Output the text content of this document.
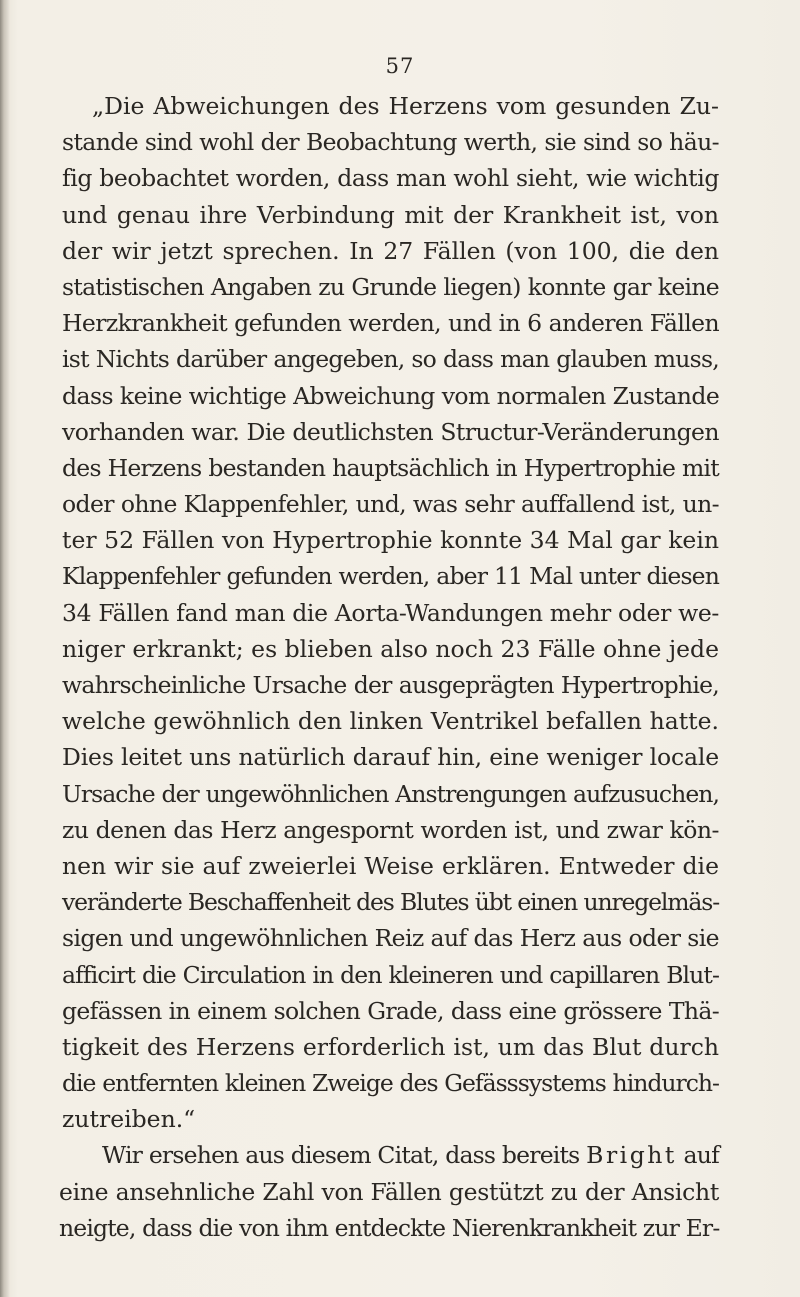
57
„Die Abweichungen des Herzens vom gesunden Zu-
stande sind wohl der Beobachtung werth, sie sind so häu-
fig beobachtet worden, dass man wohl sieht, wie wichtig
und genau ihre Verbindung mit der Krankheit ist, von
der wir jetzt sprechen. In 27 Fällen (von 100, die den
statistischen Angaben zu Grunde liegen) konnte gar keine
Herzkrankheit gefunden werden, und in 6 anderen Fällen
ist Nichts darüber angegeben, so dass man glauben muss,
dass keine wichtige Abweichung vom normalen Zustande
vorhanden war. Die deutlichsten Structur-Veränderungen
des Herzens bestanden hauptsächlich in Hypertrophie mit
oder ohne Klappenfehler, und, was sehr auffallend ist, un-
ter 52 Fällen von Hypertrophie konnte 34 Mal gar kein
Klappenfehler gefunden werden, aber 11 Mal unter diesen
34 Fällen fand man die Aorta-Wandungen mehr oder we-
niger erkrankt; es blieben also noch 23 Fälle ohne jede
wahrscheinliche Ursache der ausgeprägten Hypertrophie,
welche gewöhnlich den linken Ventrikel befallen hatte.
Dies leitet uns natürlich darauf hin, eine weniger locale
Ursache der ungewöhnlichen Anstrengungen aufzusuchen,
zu denen das Herz angespornt worden ist, und zwar kön-
nen wir sie auf zweierlei Weise erklären. Entweder die
veränderte Beschaffenheit des Blutes übt einen unregelmäs-
sigen und ungewöhnlichen Reiz auf das Herz aus oder sie
afficirt die Circulation in den kleineren und capillaren Blut-
gefässen in einem solchen Grade, dass eine grössere Thä-
tigkeit des Herzens erforderlich ist, um das Blut durch
die entfernten kleinen Zweige des Gefässsystems hindurch-
zutreiben.“
Wir ersehen aus diesem Citat, dass bereits Bright auf
eine ansehnliche Zahl von Fällen gestützt zu der Ansicht
neigte, dass die von ihm entdeckte Nierenkrankheit zur Er-
